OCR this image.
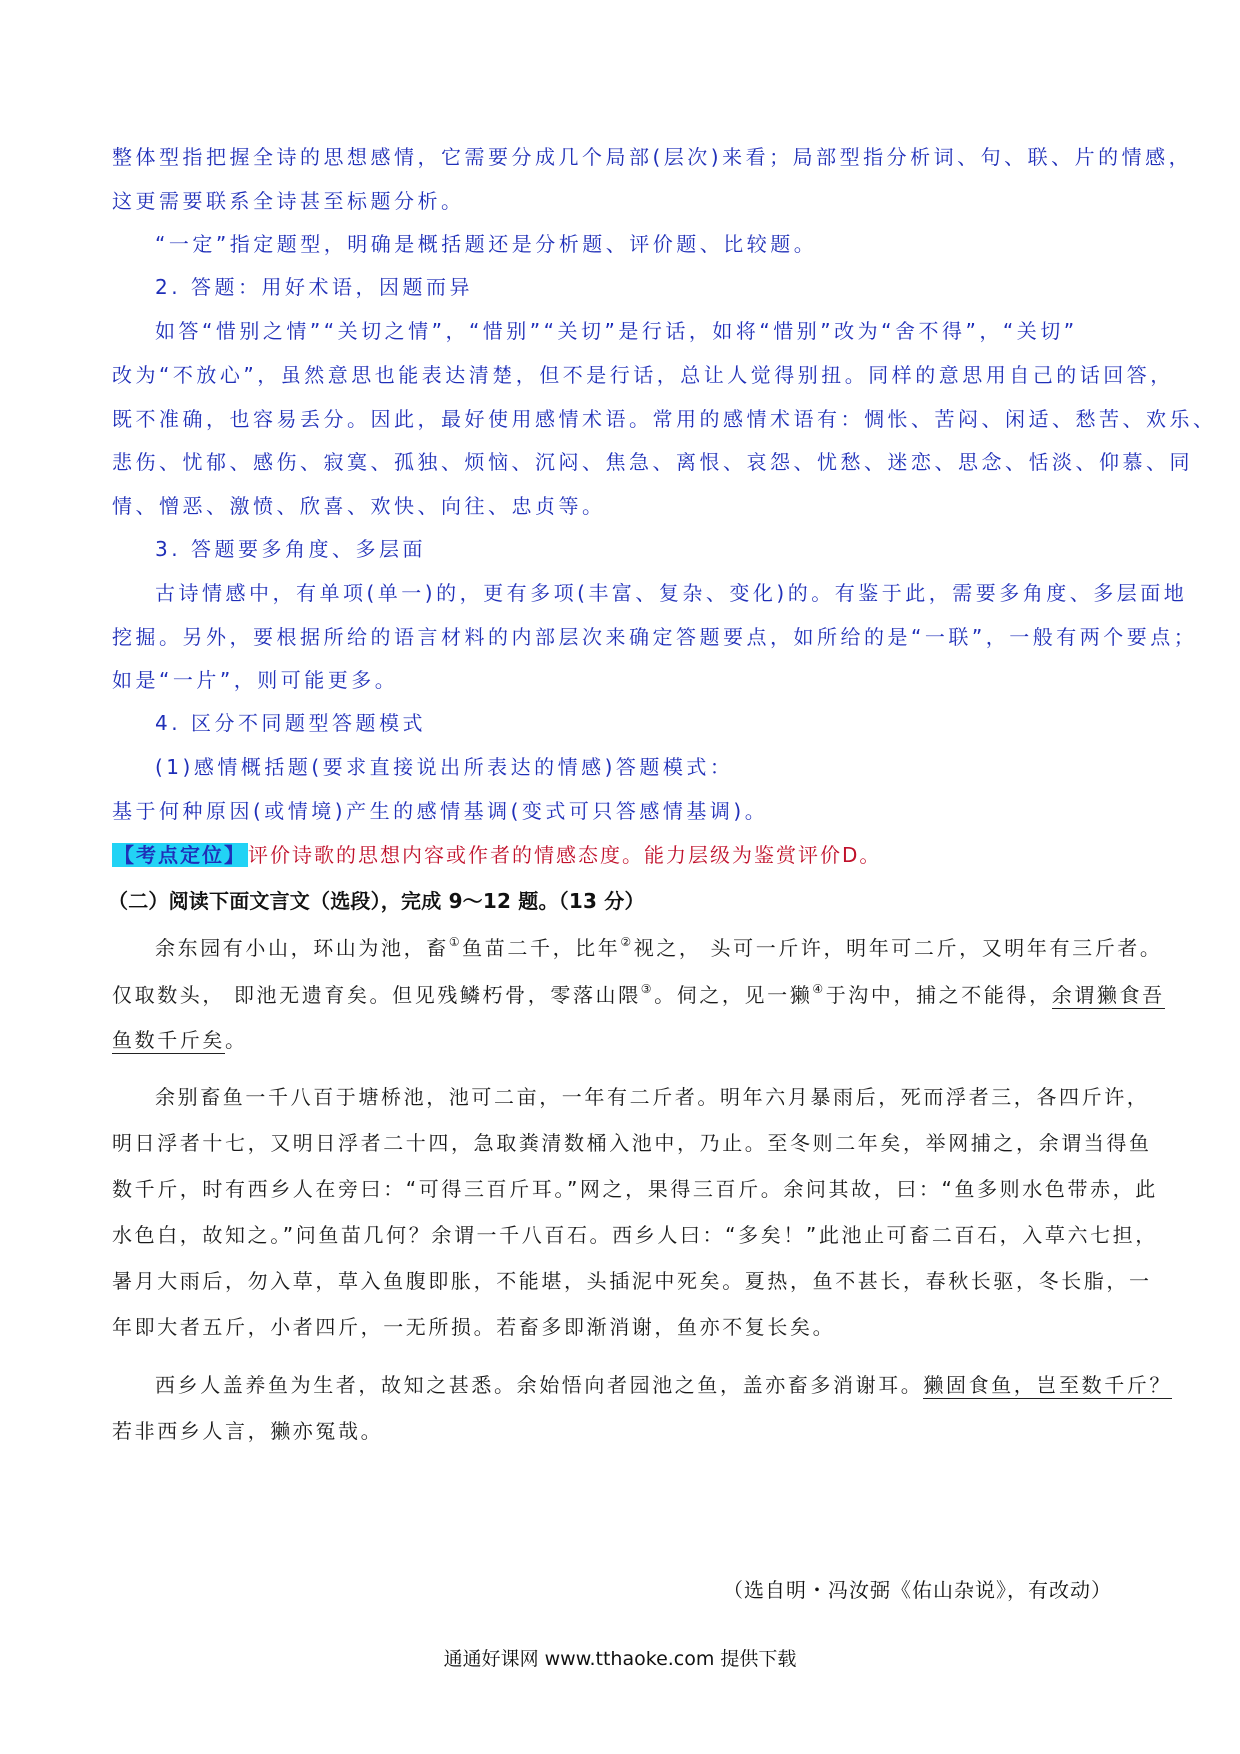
整体型指把握全诗的思想感情，它需要分成几个局部(层次)来看；局部型指分析词、句、联、片的情感，
这更需要联系全诗甚至标题分析。
“一定”指定题型，明确是概括题还是分析题、评价题、比较题。
2. 答题：用好术语，因题而异
如答“惜别之情”“关切之情”，“惜别”“关切”是行话，如将“惜别”改为“舍不得”，“关切”
改为“不放心”，虽然意思也能表达清楚，但不是行话，总让人觉得别扭。同样的意思用自己的话回答，
既不准确，也容易丢分。因此，最好使用感情术语。常用的感情术语有：惆怅、苦闷、闲适、愁苦、欢乐、
悲伤、忧郁、感伤、寂寞、孤独、烦恼、沉闷、焦急、离恨、哀怨、忧愁、迷恋、思念、恬淡、仰慕、同
情、憎恶、激愤、欣喜、欢快、向往、忠贞等。
3. 答题要多角度、多层面
古诗情感中，有单项(单一)的，更有多项(丰富、复杂、变化)的。有鉴于此，需要多角度、多层面地
挖掘。另外，要根据所给的语言材料的内部层次来确定答题要点，如所给的是“一联”，一般有两个要点；
如是“一片”，则可能更多。
4. 区分不同题型答题模式
(1)感情概括题(要求直接说出所表达的情感)答题模式：
基于何种原因(或情境)产生的感情基调(变式可只答感情基调)。
【考点定位】 评价诗歌的思想内容或作者的情感态度。能力层级为鉴赏评价D。
（二）阅读下面文言文（选段），完成 9～12 题。（13 分）
余东园有小山，环山为池，畜①鱼苗二千，比年②视之， 头可一斤许，明年可二斤，又明年有三斤者。
仅取数头， 即池无遗育矣。但见残鳞朽骨，零落山隈③。伺之，见一獭④于沟中，捕之不能得，余谓獭食吾
鱼数千斤矣。
余别畜鱼一千八百于塘桥池，池可二亩，一年有二斤者。明年六月暴雨后，死而浮者三，各四斤许，
明日浮者十七，又明日浮者二十四，急取粪清数桶入池中，乃止。至冬则二年矣，举网捕之，余谓当得鱼
数千斤，时有西乡人在旁曰：“可得三百斤耳。”网之，果得三百斤。余问其故，曰：“鱼多则水色带赤，此
水色白，故知之。”问鱼苗几何？余谓一千八百石。西乡人曰：“多矣！”此池止可畜二百石，入草六七担，
暑月大雨后，勿入草，草入鱼腹即胀，不能堪，头插泥中死矣。夏热，鱼不甚长，春秋长驱，冬长脂，一
年即大者五斤，小者四斤，一无所损。若畜多即渐消谢，鱼亦不复长矣。
西乡人盖养鱼为生者，故知之甚悉。余始悟向者园池之鱼，盖亦畜多消谢耳。獭固食鱼，岂至数千斤？
若非西乡人言，獭亦冤哉。
（选自明・冯汝弼《佑山杂说》，有改动）
通通好课网 www.tthaoke.com 提供下载
